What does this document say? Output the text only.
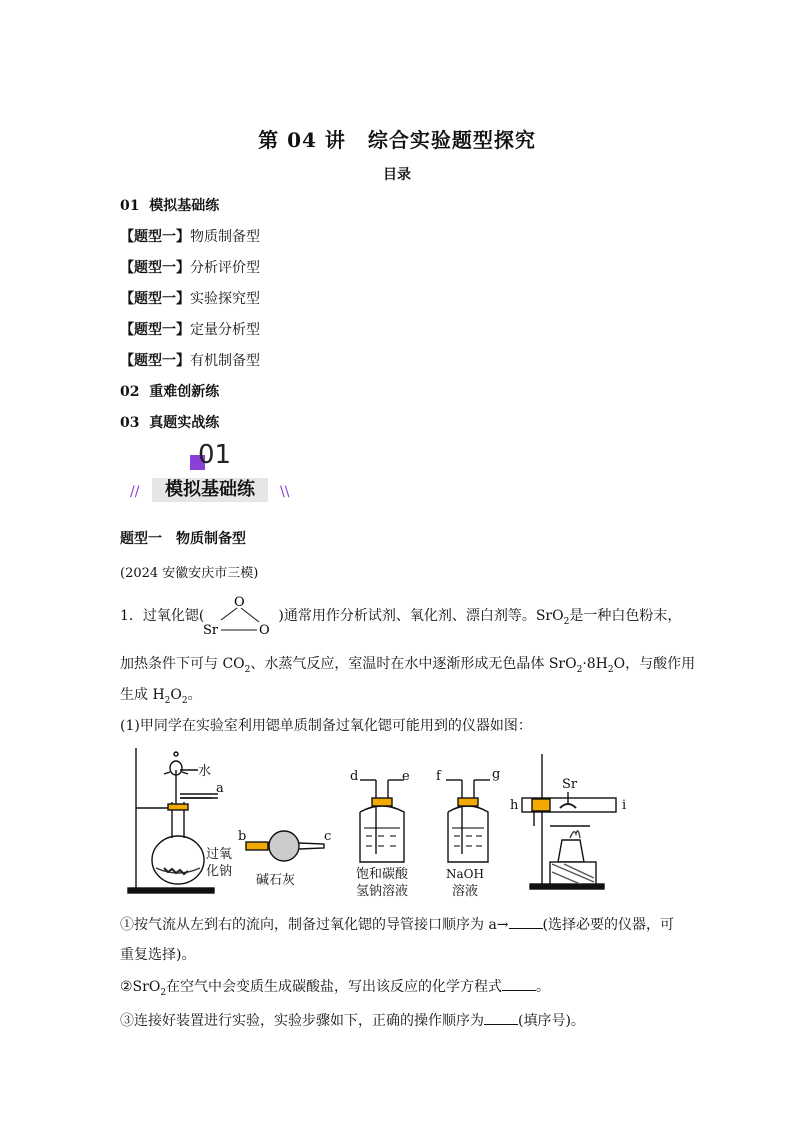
第 04 讲 综合实验题型探究
目录
01 模拟基础练
【题型一】物质制备型
【题型一】分析评价型
【题型一】实验探究型
【题型一】定量分析型
【题型一】有机制备型
02 重难创新练
03 真题实战练
01
//	模拟基础练	\\
题型一　物质制备型
(2024 安徽安庆市三模)
1．过氧化锶(	)通常用作分析试剂、氧化剂、漂白剂等。SrO$_2$是一种白色粉末，
O
Sr	O
加热条件下可与 $CO_2$、水蒸气反应，室温时在水中逐渐形成无色晶体 $SrO_2\cdot 8H_2O$，与酸作用
生成 $H_2O_2$。
(1)甲同学在实验室利用锶单质制备过氧化锶可能用到的仪器如图：
水
a
过氧
化钠
b	c
碱石灰
d	e
饱和碳酸
氢钠溶液
f	g
NaOH
溶液
Sr
h	i
①按气流从左到右的流向，制备过氧化锶的导管接口顺序为 a→ (选择必要的仪器，可
重复选择)。
②SrO$_2$在空气中会变质生成碳酸盐，写出该反应的化学方程式 。
③连接好装置进行实验，实验步骤如下，正确的操作顺序为 (填序号)。
